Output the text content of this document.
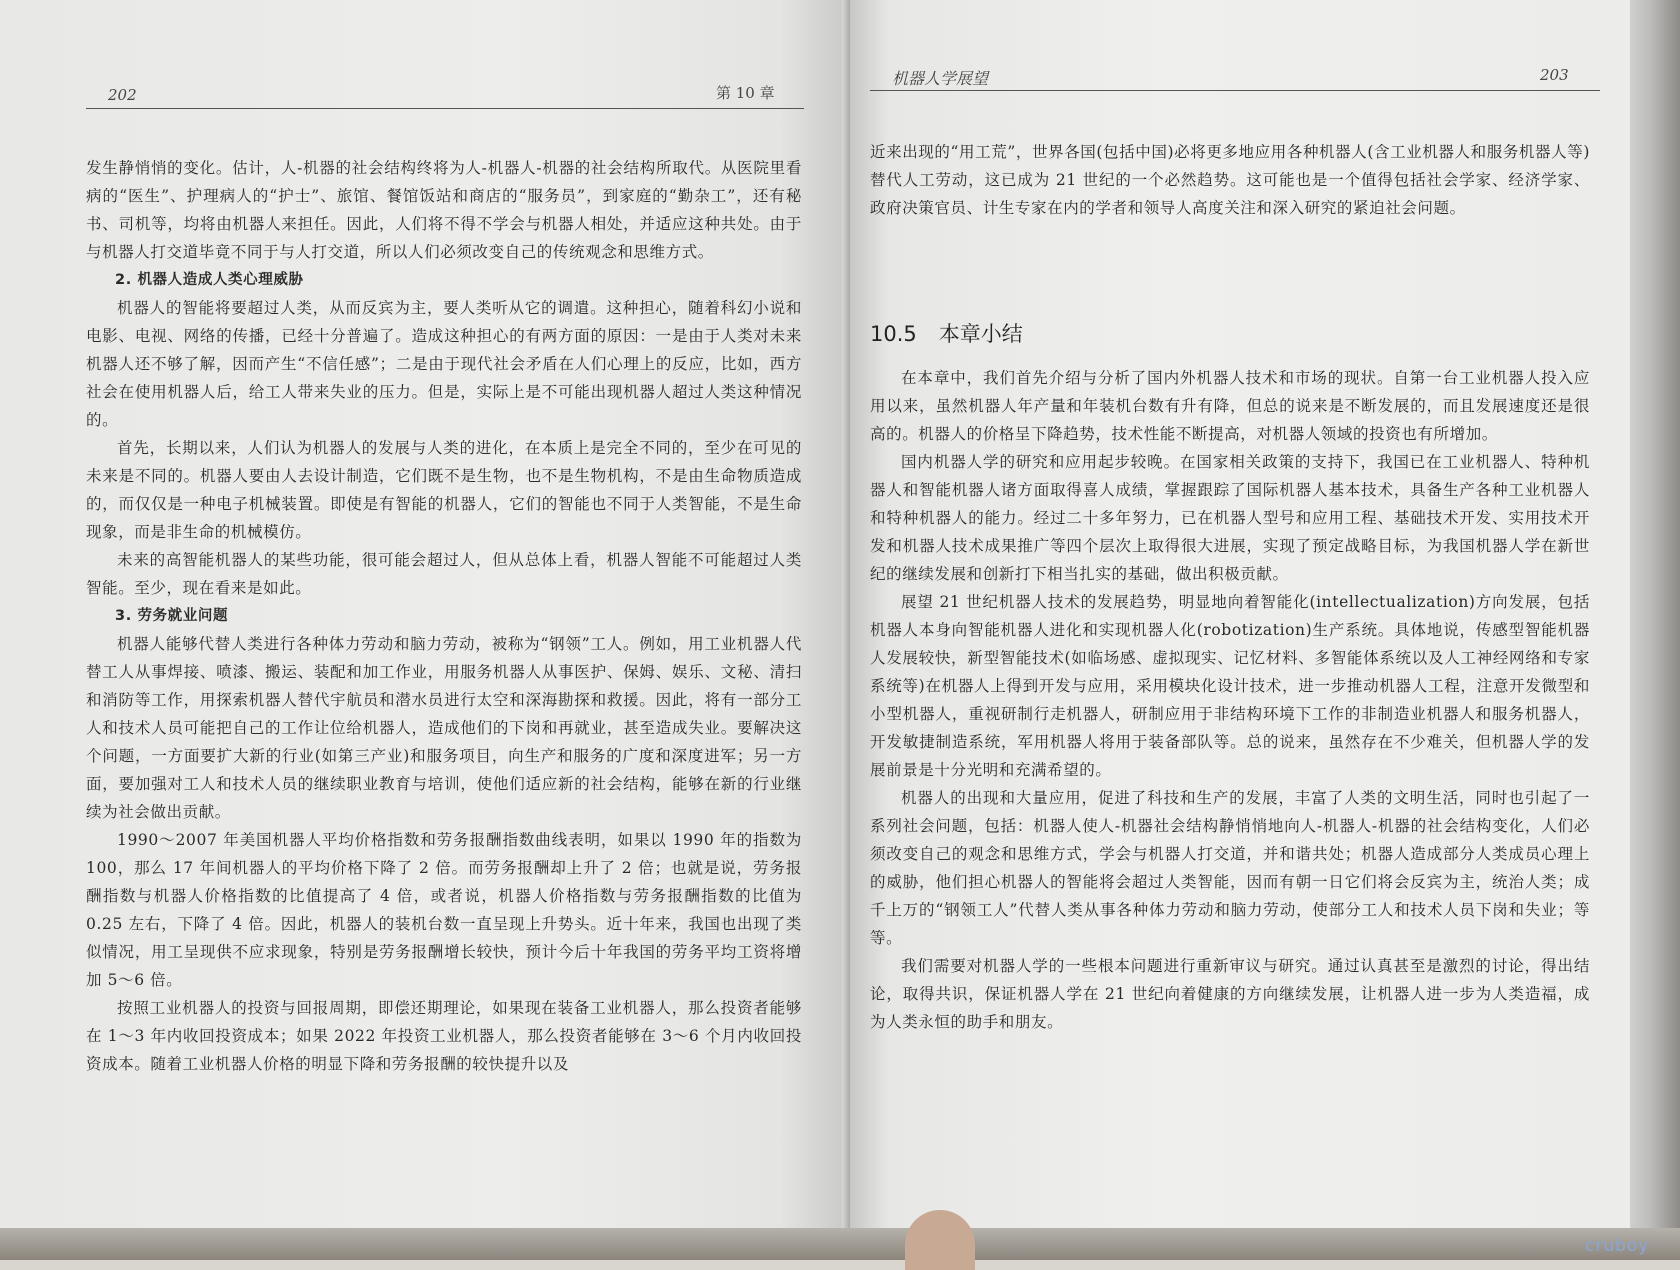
202	第 10 章

发生静悄悄的变化。估计，人-机器的社会结构终将为人-机器人-机器的社会结构所取代。从医院里看病的“医生”、护理病人的“护士”、旅馆、餐馆饭站和商店的“服务员”，到家庭的“勤杂工”，还有秘书、司机等，均将由机器人来担任。因此，人们将不得不学会与机器人相处，并适应这种共处。由于与机器人打交道毕竟不同于与人打交道，所以人们必须改变自己的传统观念和思维方式。

2. 机器人造成人类心理威胁

机器人的智能将要超过人类，从而反宾为主，要人类听从它的调遣。这种担心，随着科幻小说和电影、电视、网络的传播，已经十分普遍了。造成这种担心的有两方面的原因：一是由于人类对未来机器人还不够了解，因而产生“不信任感”；二是由于现代社会矛盾在人们心理上的反应，比如，西方社会在使用机器人后，给工人带来失业的压力。但是，实际上是不可能出现机器人超过人类这种情况的。

首先，长期以来，人们认为机器人的发展与人类的进化，在本质上是完全不同的，至少在可见的未来是不同的。机器人要由人去设计制造，它们既不是生物，也不是生物机构，不是由生命物质造成的，而仅仅是一种电子机械装置。即使是有智能的机器人，它们的智能也不同于人类智能，不是生命现象，而是非生命的机械模仿。

未来的高智能机器人的某些功能，很可能会超过人，但从总体上看，机器人智能不可能超过人类智能。至少，现在看来是如此。

3. 劳务就业问题

机器人能够代替人类进行各种体力劳动和脑力劳动，被称为“钢领”工人。例如，用工业机器人代替工人从事焊接、喷漆、搬运、装配和加工作业，用服务机器人从事医护、保姆、娱乐、文秘、清扫和消防等工作，用探索机器人替代宇航员和潜水员进行太空和深海勘探和救援。因此，将有一部分工人和技术人员可能把自己的工作让位给机器人，造成他们的下岗和再就业，甚至造成失业。要解决这个问题，一方面要扩大新的行业(如第三产业)和服务项目，向生产和服务的广度和深度进军；另一方面，要加强对工人和技术人员的继续职业教育与培训，使他们适应新的社会结构，能够在新的行业继续为社会做出贡献。

1990～2007 年美国机器人平均价格指数和劳务报酬指数曲线表明，如果以 1990 年的指数为 100，那么 17 年间机器人的平均价格下降了 2 倍。而劳务报酬却上升了 2 倍；也就是说，劳务报酬指数与机器人价格指数的比值提高了 4 倍，或者说，机器人价格指数与劳务报酬指数的比值为 0.25 左右，下降了 4 倍。因此，机器人的装机台数一直呈现上升势头。近十年来，我国也出现了类似情况，用工呈现供不应求现象，特别是劳务报酬增长较快，预计今后十年我国的劳务平均工资将增加 5～6 倍。

按照工业机器人的投资与回报周期，即偿还期理论，如果现在装备工业机器人，那么投资者能够在 1～3 年内收回投资成本；如果 2022 年投资工业机器人，那么投资者能够在 3～6 个月内收回投资成本。随着工业机器人价格的明显下降和劳务报酬的较快提升以及

机器人学展望	203

近来出现的“用工荒”，世界各国(包括中国)必将更多地应用各种机器人(含工业机器人和服务机器人等)替代人工劳动，这已成为 21 世纪的一个必然趋势。这可能也是一个值得包括社会学家、经济学家、政府决策官员、计生专家在内的学者和领导人高度关注和深入研究的紧迫社会问题。

10.5 本章小结

在本章中，我们首先介绍与分析了国内外机器人技术和市场的现状。自第一台工业机器人投入应用以来，虽然机器人年产量和年装机台数有升有降，但总的说来是不断发展的，而且发展速度还是很高的。机器人的价格呈下降趋势，技术性能不断提高，对机器人领域的投资也有所增加。

国内机器人学的研究和应用起步较晚。在国家相关政策的支持下，我国已在工业机器人、特种机器人和智能机器人诸方面取得喜人成绩，掌握跟踪了国际机器人基本技术，具备生产各种工业机器人和特种机器人的能力。经过二十多年努力，已在机器人型号和应用工程、基础技术开发、实用技术开发和机器人技术成果推广等四个层次上取得很大进展，实现了预定战略目标，为我国机器人学在新世纪的继续发展和创新打下相当扎实的基础，做出积极贡献。

展望 21 世纪机器人技术的发展趋势，明显地向着智能化(intellectualization)方向发展，包括机器人本身向智能机器人进化和实现机器人化(robotization)生产系统。具体地说，传感型智能机器人发展较快，新型智能技术(如临场感、虚拟现实、记忆材料、多智能体系统以及人工神经网络和专家系统等)在机器人上得到开发与应用，采用模块化设计技术，进一步推动机器人工程，注意开发微型和小型机器人，重视研制行走机器人，研制应用于非结构环境下工作的非制造业机器人和服务机器人，开发敏捷制造系统，军用机器人将用于装备部队等。总的说来，虽然存在不少难关，但机器人学的发展前景是十分光明和充满希望的。

机器人的出现和大量应用，促进了科技和生产的发展，丰富了人类的文明生活，同时也引起了一系列社会问题，包括：机器人使人-机器社会结构静悄悄地向人-机器人-机器的社会结构变化，人们必须改变自己的观念和思维方式，学会与机器人打交道，并和谐共处；机器人造成部分人类成员心理上的威胁，他们担心机器人的智能将会超过人类智能，因而有朝一日它们将会反宾为主，统治人类；成千上万的“钢领工人”代替人类从事各种体力劳动和脑力劳动，使部分工人和技术人员下岗和失业；等等。

我们需要对机器人学的一些根本问题进行重新审议与研究。通过认真甚至是激烈的讨论，得出结论，取得共识，保证机器人学在 21 世纪向着健康的方向继续发展，让机器人进一步为人类造福，成为人类永恒的助手和朋友。

cruboy
